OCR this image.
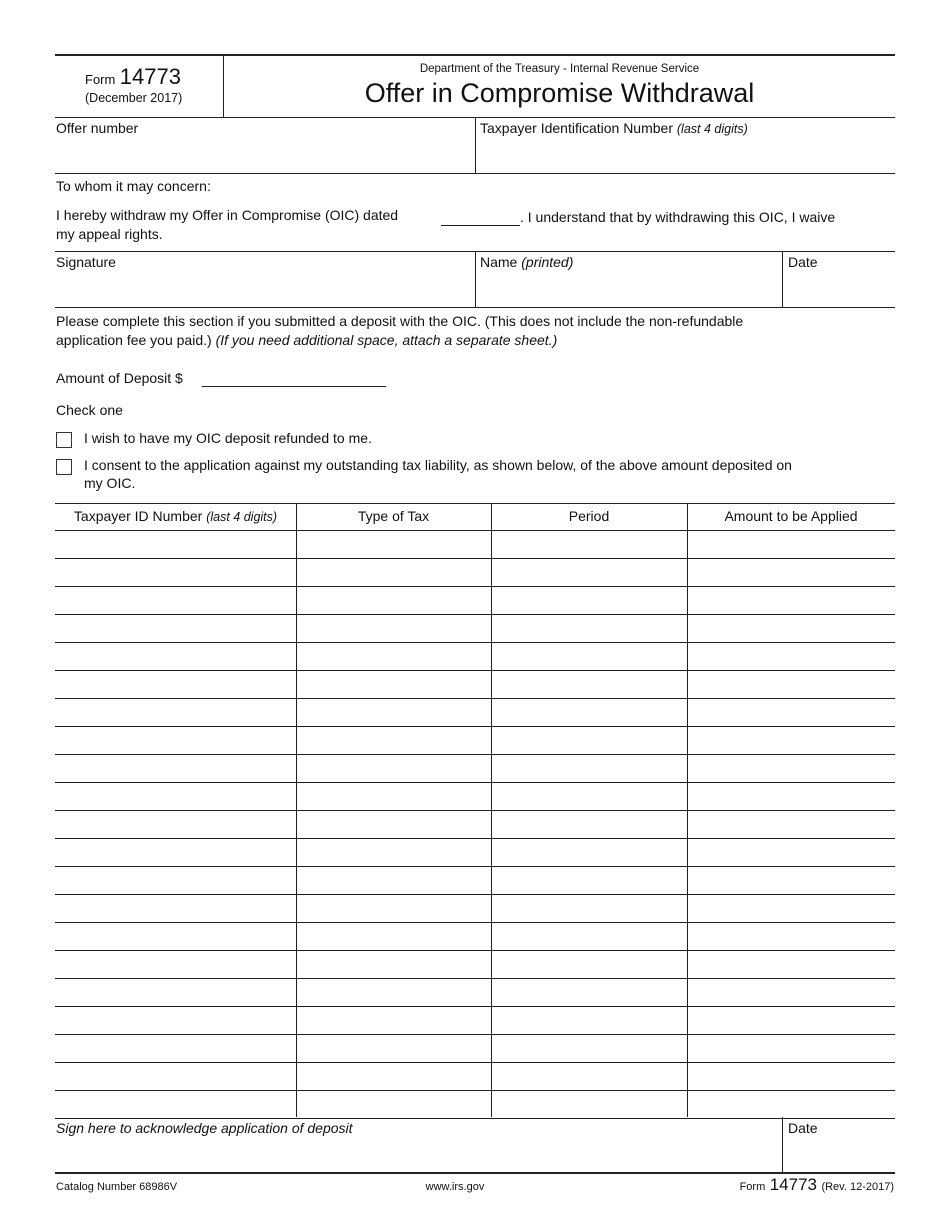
Form 14773
(December 2017)
Department of the Treasury - Internal Revenue Service
Offer in Compromise Withdrawal
Offer number	Taxpayer Identification Number (last 4 digits)
To whom it may concern:
I hereby withdraw my Offer in Compromise (OIC) dated	. I understand that by withdrawing this OIC, I waive
my appeal rights.
Signature	Name (printed)	Date
Please complete this section if you submitted a deposit with the OIC. (This does not include the non-refundable
application fee you paid.) (If you need additional space, attach a separate sheet.)
Amount of Deposit $
Check one
I wish to have my OIC deposit refunded to me.
I consent to the application against my outstanding tax liability, as shown below, of the above amount deposited on
my OIC.
Taxpayer ID Number (last 4 digits)	Type of Tax	Period	Amount to be Applied
Sign here to acknowledge application of deposit	Date
Catalog Number 68986V	www.irs.gov	Form 14773 (Rev. 12-2017)
